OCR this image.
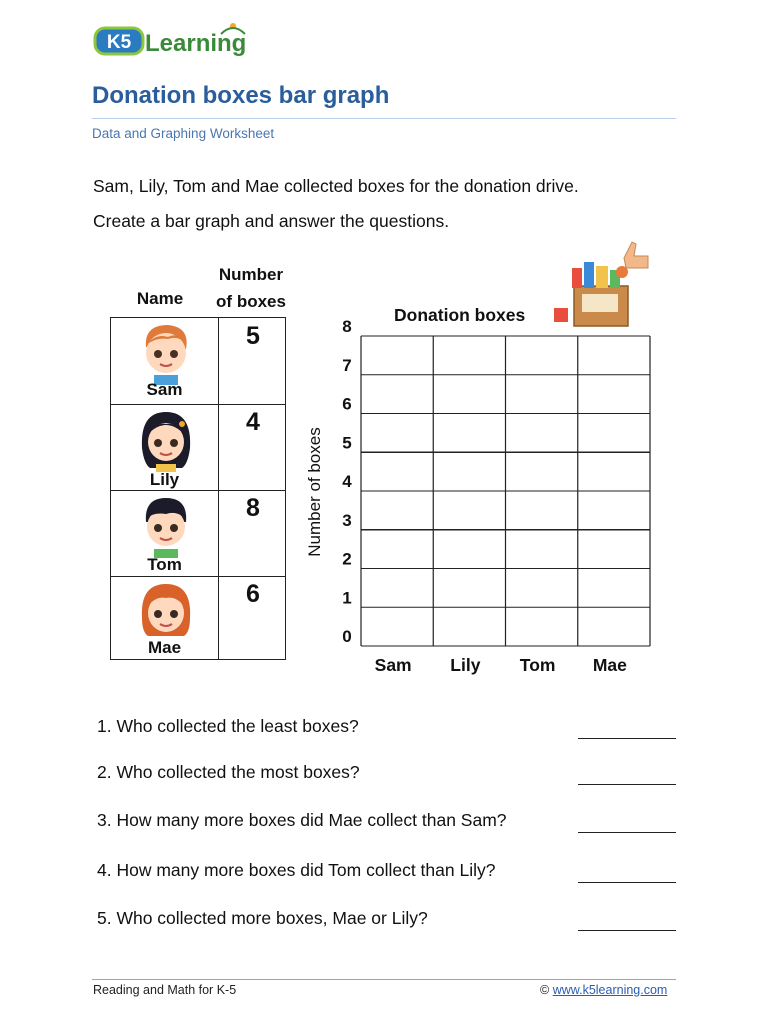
K5 Learning
Donation boxes bar graph
Data and Graphing Worksheet
Sam, Lily, Tom and Mae collected boxes for the donation drive.
Create a bar graph and answer the questions.
Name
Number
of boxes
Sam
5
Lily
4
Tom
8
Mae
6
Donation boxes
Number of boxes
0
1
2
3
4
5
6
7
8
Sam Lily Tom Mae
1. Who collected the least boxes?
2. Who collected the most boxes?
3. How many more boxes did Mae collect than Sam?
4. How many more boxes did Tom collect than Lily?
5. Who collected more boxes, Mae or Lily?
Reading and Math for K-5	© www.k5learning.com
